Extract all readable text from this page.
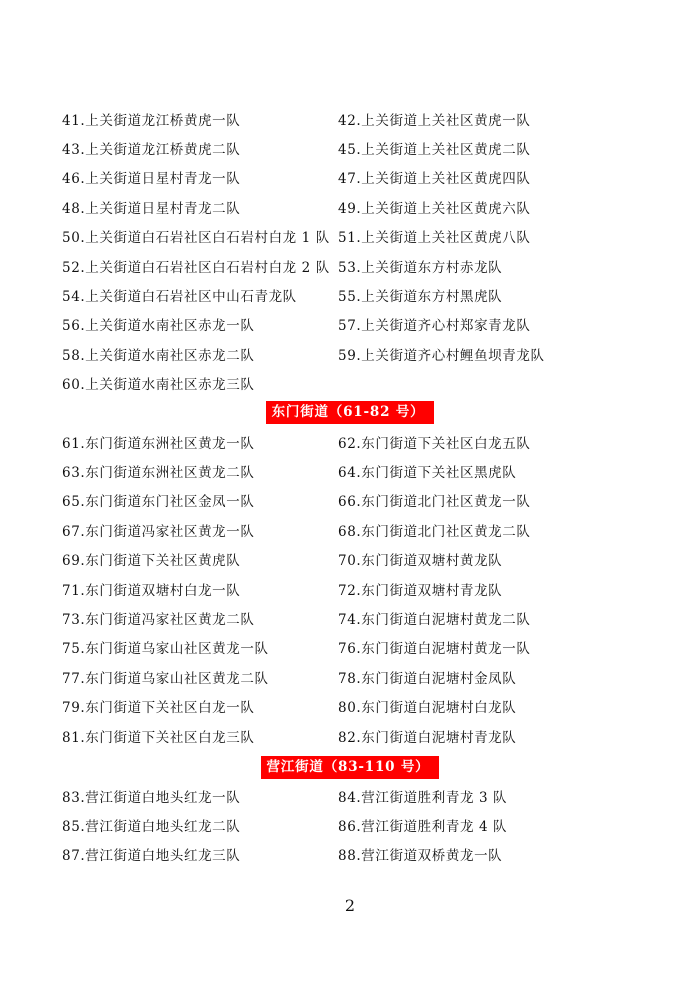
41.上关街道龙江桥黄虎一队	42.上关街道上关社区黄虎一队
43.上关街道龙江桥黄虎二队	45.上关街道上关社区黄虎二队
46.上关街道日星村青龙一队	47.上关街道上关社区黄虎四队
48.上关街道日星村青龙二队	49.上关街道上关社区黄虎六队
50.上关街道白石岩社区白石岩村白龙 1 队 51.上关街道上关社区黄虎八队
52.上关街道白石岩社区白石岩村白龙 2 队 53.上关街道东方村赤龙队
54.上关街道白石岩社区中山石青龙队	55.上关街道东方村黑虎队
56.上关街道水南社区赤龙一队	57.上关街道齐心村郑家青龙队
58.上关街道水南社区赤龙二队	59.上关街道齐心村鲤鱼坝青龙队
60.上关街道水南社区赤龙三队
东门街道（61-82 号）
61.东门街道东洲社区黄龙一队	62.东门街道下关社区白龙五队
63.东门街道东洲社区黄龙二队	64.东门街道下关社区黑虎队
65.东门街道东门社区金凤一队	66.东门街道北门社区黄龙一队
67.东门街道冯家社区黄龙一队	68.东门街道北门社区黄龙二队
69.东门街道下关社区黄虎队	70.东门街道双塘村黄龙队
71.东门街道双塘村白龙一队	72.东门街道双塘村青龙队
73.东门街道冯家社区黄龙二队	74.东门街道白泥塘村黄龙二队
75.东门街道乌家山社区黄龙一队	76.东门街道白泥塘村黄龙一队
77.东门街道乌家山社区黄龙二队	78.东门街道白泥塘村金凤队
79.东门街道下关社区白龙一队	80.东门街道白泥塘村白龙队
81.东门街道下关社区白龙三队	82.东门街道白泥塘村青龙队
营江街道（83-110 号）
83.营江街道白地头红龙一队	84.营江街道胜利青龙 3 队
85.营江街道白地头红龙二队	86.营江街道胜利青龙 4 队
87.营江街道白地头红龙三队	88.营江街道双桥黄龙一队
2
